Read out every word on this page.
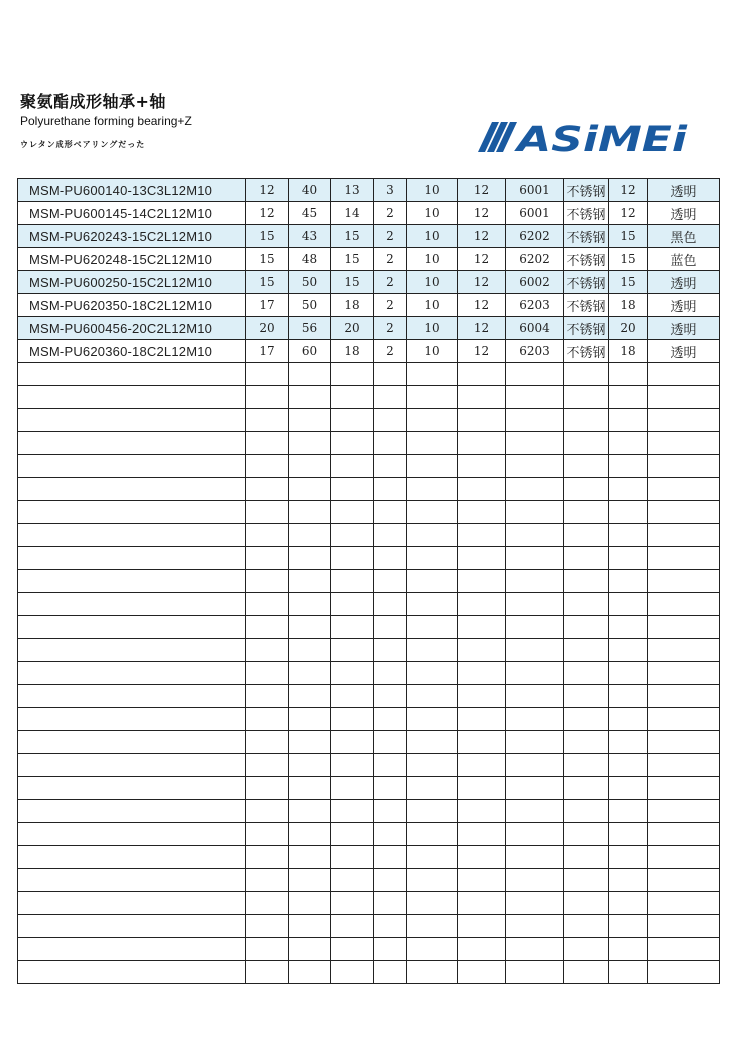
聚氨酯成形轴承+轴
Polyurethane forming bearing+Z
ウレタン成形ベアリングだった	ASiMEi
MSM-PU600140-13C3L12M10	12	40	13	3	10	12	6001	不锈钢	12	透明
MSM-PU600145-14C2L12M10	12	45	14	2	10	12	6001	不锈钢	12	透明
MSM-PU620243-15C2L12M10	15	43	15	2	10	12	6202	不锈钢	15	黑色
MSM-PU620248-15C2L12M10	15	48	15	2	10	12	6202	不锈钢	15	蓝色
MSM-PU600250-15C2L12M10	15	50	15	2	10	12	6002	不锈钢	15	透明
MSM-PU620350-18C2L12M10	17	50	18	2	10	12	6203	不锈钢	18	透明
MSM-PU600456-20C2L12M10	20	56	20	2	10	12	6004	不锈钢	20	透明
MSM-PU620360-18C2L12M10	17	60	18	2	10	12	6203	不锈钢	18	透明
